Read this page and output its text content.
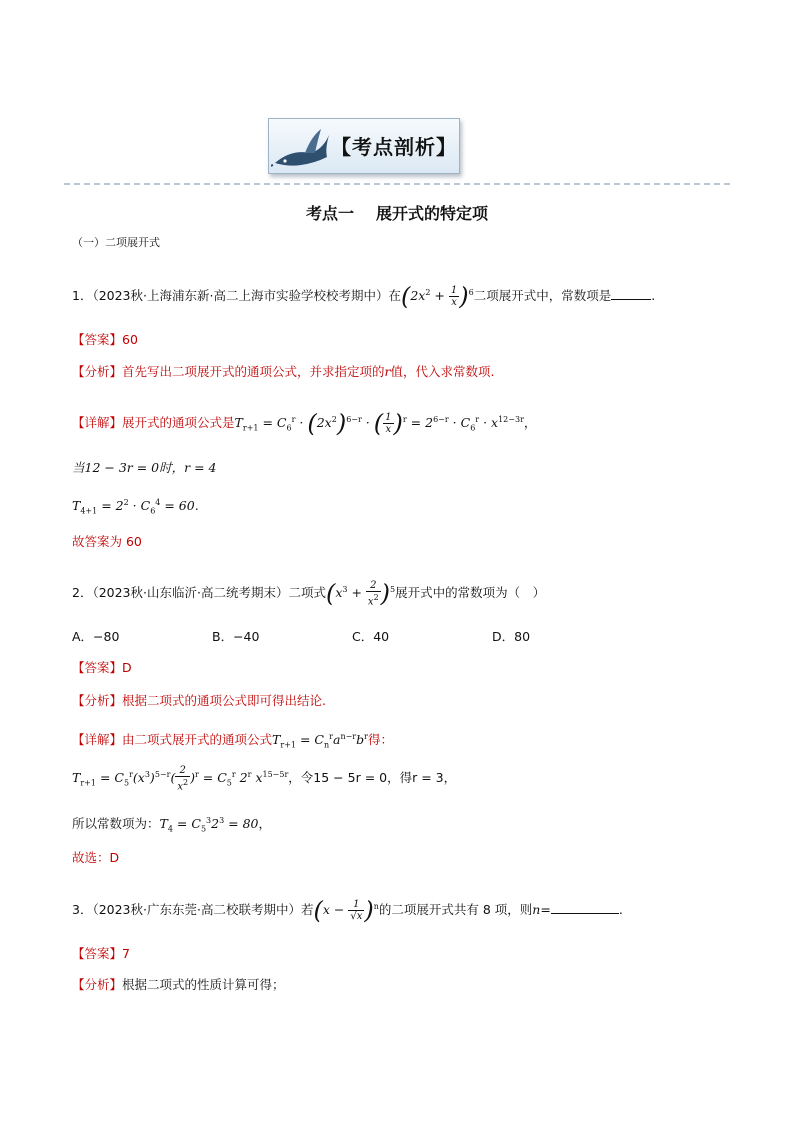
【考点剖析】
考点一 展开式的特定项
（一）二项展开式
1．（2023秋·上海浦东新·高二上海市实验学校校考期中）在$(2x^2 + \frac{1}{x} )^6$二项展开式中，常数项是	.
【答案】60
【分析】首先写出二项展开式的通项公式，并求指定项的r值，代入求常数项.
【详解】展开式的通项公式是$T_{r+1} = C_6^r \cdot (2x^2)^{6-r}$ · ( $\frac{1}{x} )^r = 2^{6-r} \cdot C_6^r \cdot x^{12-3r}$，
当12 − 3r = 0时，r = 4
$T_{4+1} = 2^2 \cdot C_6^4 = 60$.
故答案为 60
2．（2023秋·山东临沂·高二统考期末）二项式$(x^3 + \frac{2}{x^2} )^5$展开式中的常数项为（　）
A．−80	B．−40	C．40	D．80
【答案】D
【分析】根据二项式的通项公式即可得出结论.
【详解】由二项式展开式的通项公式$T_{r+1} = C_n^ra^{n-r}b^r$得：
$T_{r+1} = C_5^r(x^3)^{5-r}( \frac{2}{x^2} )^r = C_5^r$ 2$^r$ $x^{15-5r}$，令15 − 5r = 0，得r = 3，
所以常数项为：$T_4 = C_5^32^3 = 80$，
故选：D
3．（2023秋·广东东莞·高二校联考期中）若$(x - \frac{1}{√x} )^n$的二项展开式共有 8 项，则n=	.
【答案】7
【分析】根据二项式的性质计算可得；
